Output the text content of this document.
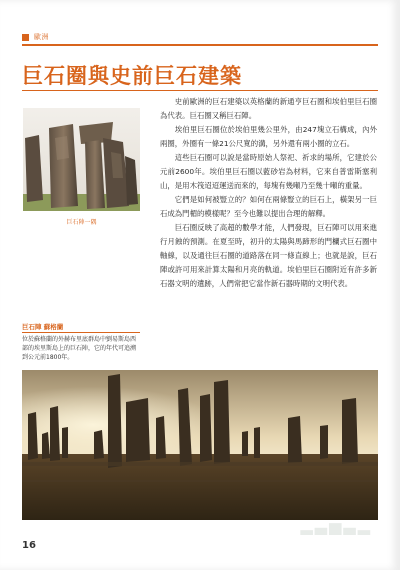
歐洲
巨石圈與史前巨石建築
巨石陣一隅

史前歐洲的巨石建築以英格蘭的新通亨巨石圈和埃伯里巨石圈為代表。巨石圈又稱巨石陣。

埃伯里巨石圈位於埃伯里幾公里外，由247塊立石構成，內外兩圈，外圈有一條21公尺寬的溝，另外還有兩小圈的立石。

這些巨石圈可以說是當時原始人祭祀、祈求的場所，它建於公元前2600年。埃伯里巨石圈以藍砂岩為材料，它來自普雷斯塞利山，是用木筏迢迢運送而來的，每塊有幾噸乃至幾十噸的重量。

它們是如何被豎立的？如何在兩條豎立的巨石上，橫架另一巨石成為門楣的模樣呢？至今也難以提出合理的解釋。

巨石圈反映了高超的數學才能，人們發現，巨石陣可以用來進行月蝕的預測。在夏至時，初升的太陽與馬蹄形的門欄式巨石圈中軸線，以及通往巨石圈的道路落在同一條直線上；也就是說，巨石陣或許可用來計算太陽和月亮的軌道。埃伯里巨石圈附近有許多新石器文明的遺跡，人們常把它當作新石器時期的文明代表。

巨石陣 蘇格蘭
位於蘇格蘭的外赫布里底群島中劉易斯島西部的埃里斯島上的巨石陣，它的年代可追溯到公元前1800年。
▂▃▅▃▂
16
